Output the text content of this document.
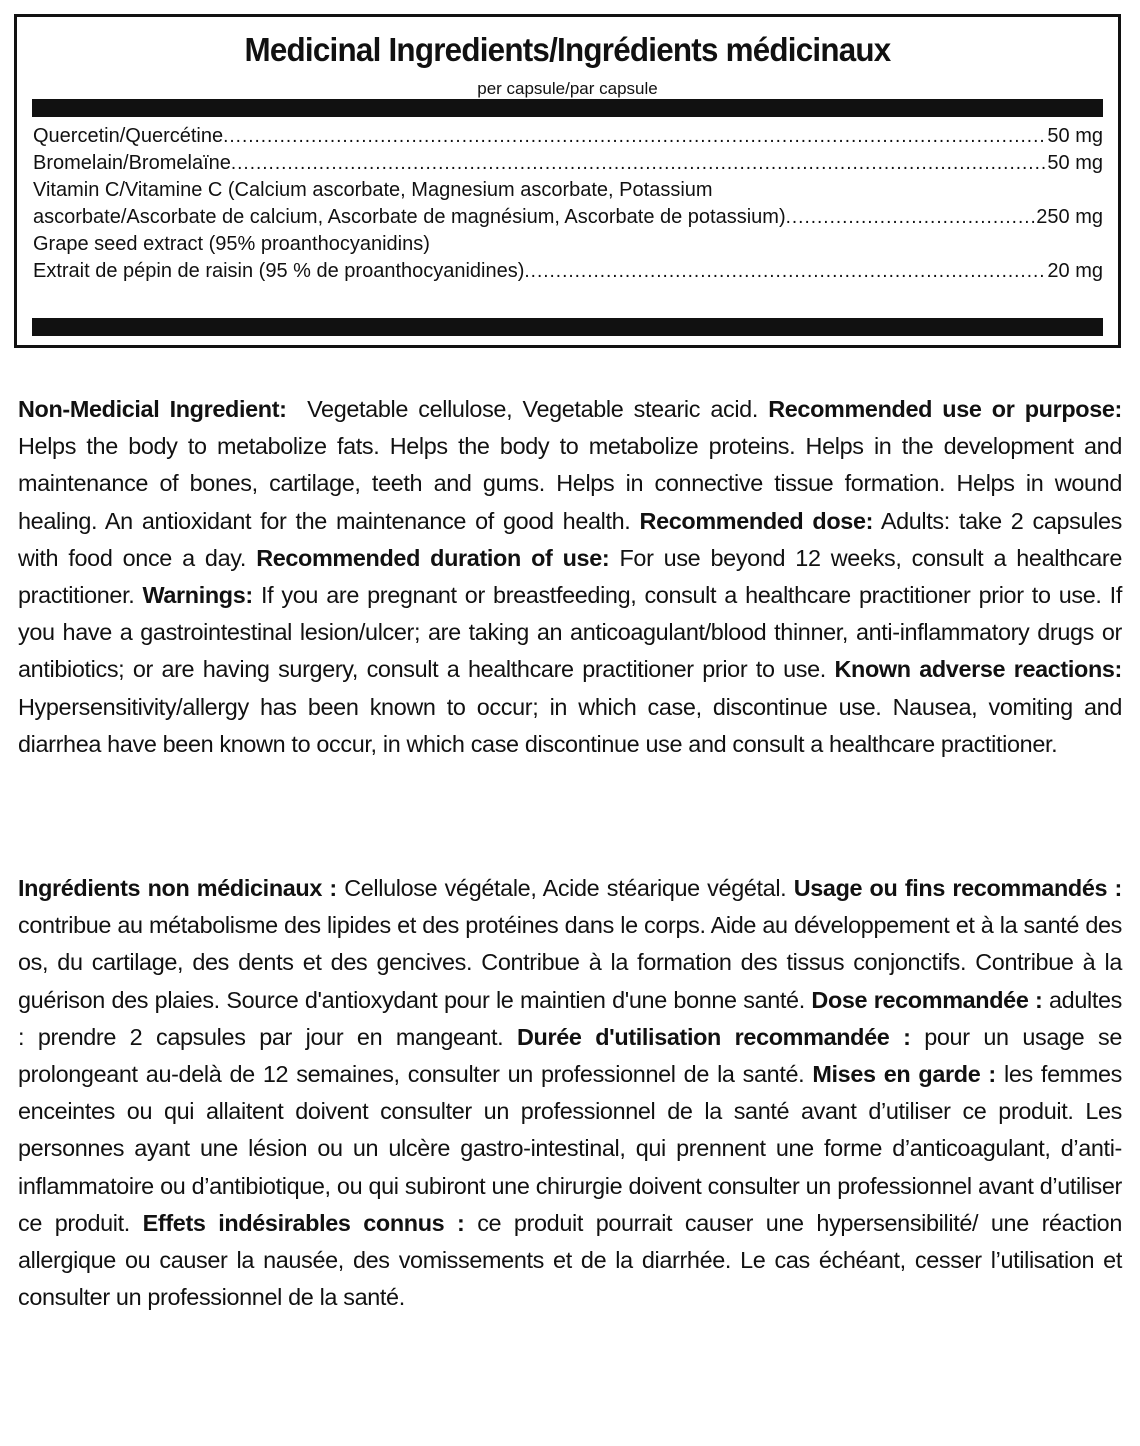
Medicinal Ingredients/Ingrédients médicinaux
per capsule/par capsule
Quercetin/Quercétine .....	50 mg
Bromelain/Bromelaïne .....	50 mg
Vitamin C/Vitamine C (Calcium ascorbate, Magnesium ascorbate, Potassium
ascorbate/Ascorbate de calcium, Ascorbate de magnésium, Ascorbate de potassium) .....	250 mg
Grape seed extract (95% proanthocyanidins)
Extrait de pépin de raisin (95 % de proanthocyanidines) .....	20 mg
Non-Medicial Ingredient: Vegetable cellulose, Vegetable stearic acid. Recommended use or purpose: Helps the body to metabolize fats. Helps the body to metabolize proteins. Helps in the development and maintenance of bones, cartilage, teeth and gums. Helps in connective tissue formation. Helps in wound healing. An antioxidant for the maintenance of good health. Recommended dose: Adults: take 2 capsules with food once a day. Recommended duration of use: For use beyond 12 weeks, consult a healthcare practitioner. Warnings: If you are pregnant or breastfeeding, consult a healthcare practitioner prior to use. If you have a gastrointestinal lesion/ulcer; are taking an anticoagulant/blood thinner, anti-inflammatory drugs or antibiotics; or are having surgery, consult a healthcare practitioner prior to use. Known adverse reactions: Hypersensitivity/allergy has been known to occur; in which case, discontinue use. Nausea, vomiting and diarrhea have been known to occur, in which case discontinue use and consult a healthcare practitioner.
Ingrédients non médicinaux : Cellulose végétale, Acide stéarique végétal. Usage ou fins recommandés : contribue au métabolisme des lipides et des protéines dans le corps. Aide au développement et à la santé des os, du cartilage, des dents et des gencives. Contribue à la formation des tissus conjonctifs. Contribue à la guérison des plaies. Source d'antioxydant pour le maintien d'une bonne santé. Dose recommandée : adultes : prendre 2 capsules par jour en mangeant. Durée d'utilisation recommandée : pour un usage se prolongeant au-delà de 12 semaines, consulter un professionnel de la santé. Mises en garde : les femmes enceintes ou qui allaitent doivent consulter un professionnel de la santé avant d’utiliser ce produit. Les personnes ayant une lésion ou un ulcère gastro-intestinal, qui prennent une forme d’anticoagulant, d’anti-inflammatoire ou d’antibiotique, ou qui subiront une chirurgie doivent consulter un professionnel avant d’utiliser ce produit. Effets indésirables connus : ce produit pourrait causer une hypersensibilité/ une réaction allergique ou causer la nausée, des vomissements et de la diarrhée. Le cas échéant, cesser l’utilisation et consulter un professionnel de la santé.
